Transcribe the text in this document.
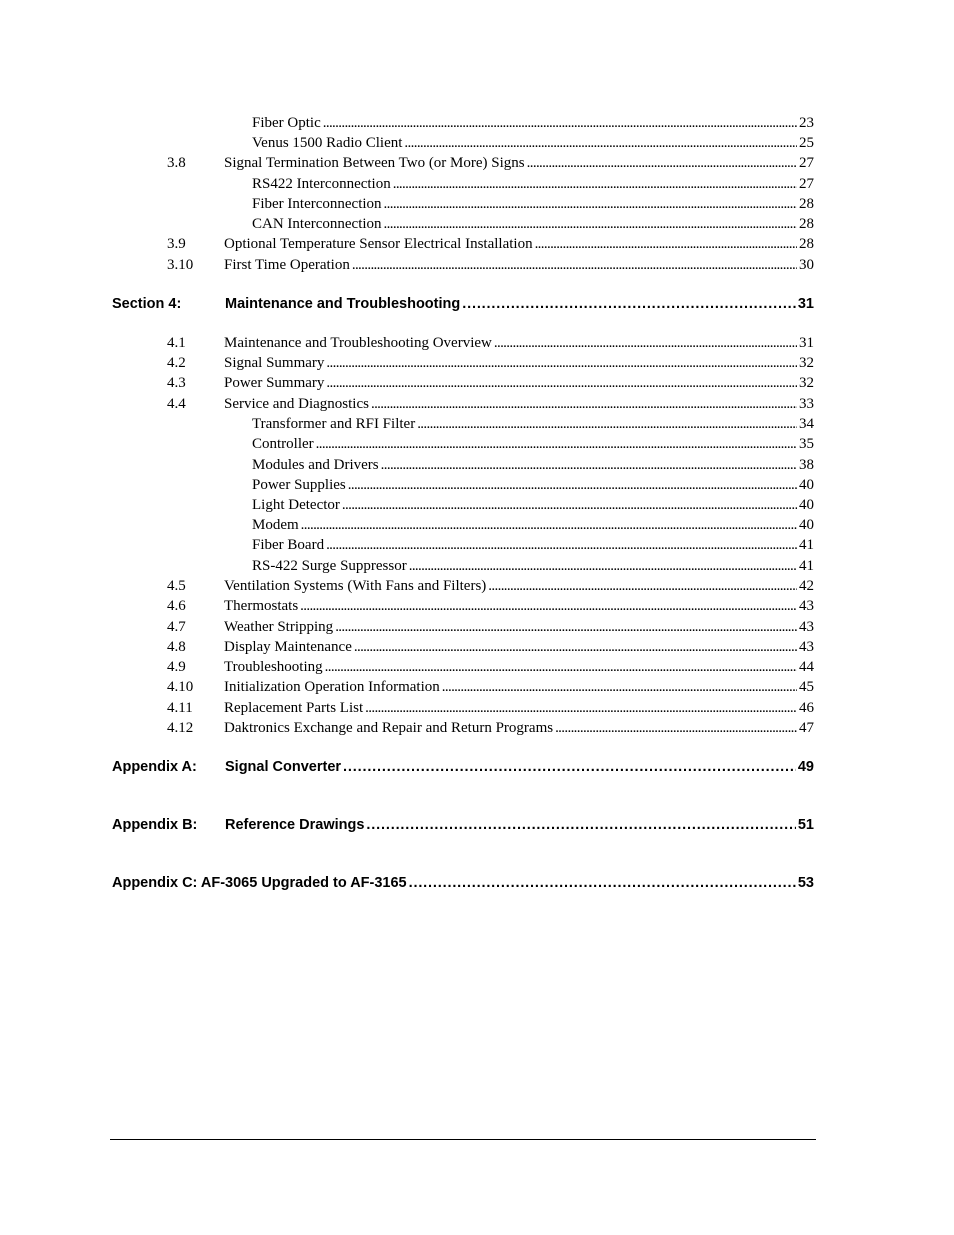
Fiber Optic . . .	23
Venus 1500 Radio Client . . .	25
3.8	Signal Termination Between Two (or More) Signs . . .	27
RS422 Interconnection . . .	27
Fiber Interconnection . . .	28
CAN Interconnection . . .	28
3.9	Optional Temperature Sensor Electrical Installation . . .	28
3.10 First Time Operation . . .	30
Section 4:	Maintenance and Troubleshooting . . .	31
4.1	Maintenance and Troubleshooting Overview . . .	31
4.2	Signal Summary . . .	32
4.3	Power Summary . . .	32
4.4	Service and Diagnostics . . .	33
Transformer and RFI Filter . . .	34
Controller . . .	35
Modules and Drivers . . .	38
Power Supplies . . .	40
Light Detector . . .	40
Modem . . .	40
Fiber Board . . .	41
RS-422 Surge Suppressor . . .	41
4.5	Ventilation Systems (With Fans and Filters) . . .	42
4.6	Thermostats . . .	43
4.7	Weather Stripping . . .	43
4.8	Display Maintenance . . .	43
4.9	Troubleshooting . . .	44
4.10 Initialization Operation Information . . .	45
4.11 Replacement Parts List . . .	46
4.12 Daktronics Exchange and Repair and Return Programs . . .	47
Appendix A: Signal Converter . . .	49
Appendix B: Reference Drawings . . .	51
Appendix C: AF-3065 Upgraded to AF-3165 . . .	53
